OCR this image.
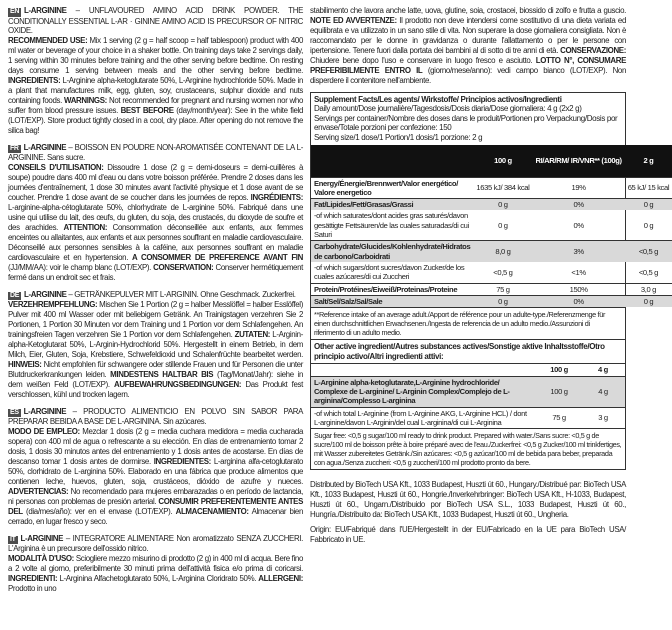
EN L-ARGININE – UNFLAVOURED AMINO ACID DRINK POWDER. THE CONDITIONALLY ESSENTIAL L-AR · GININE AMINO ACID IS PRECURSOR OF NITRIC OXIDE.

RECOMMENDED USE: Mix 1 serving (2 g = half scoop = half tablespoon) product with 400 ml water or beverage of your choice in a shaker bottle. On training days take 2 servings daily, 1 serving within 30 minutes before training and the other serving before bedtime. On resting days consume 1 serving between meals and the other serving before bedtime. INGREDIENTS: L-Arginine alpha-ketoglutarate 50%, L-Arginine hydrochloride 50%. Made in a plant that manufactures milk, egg, gluten, soy, crustaceans, sulphur dioxide and nuts containing foods. WARNINGS: Not recommended for pregnant and nursing women nor who suffer from blood pressure issues. BEST BEFORE (day/month/year): See in the white field (LOT/EXP). Store product tightly closed in a cool, dry place. After opening do not remove the silica bag!

FR L-ARGININE – BOISSON EN POUDRE NON-AROMATISÉE CONTENANT DE LA L-ARGININE. Sans sucre.

CONSEILS D'UTILISATION: Dissoudre 1 dose (2 g = demi-doseurs = demi-cuillères à soupe) poudre dans 400 ml d'eau ou dans votre boisson préférée. Prendre 2 doses dans les journées d'entraînement, 1 dose 30 minutes avant l'activité physique et 1 dose avant de se coucher. Prendre 1 dose avant de se coucher dans les journées de repos. INGRÉDIENTS: L-arginine-alpha-cétoglutarate 50%, chlorhydrate de L-arginine 50%. Fabriqué dans une usine qui utilise du lait, des œufs, du gluten, du soja, des crustacés, du dioxyde de soufre et des arachides. ATTENTION: Consommation déconseillée aux enfants, aux femmes enceintes ou allaitantes, aux enfants et aux personnes souffrant en maladie cardiovasculaire. Déconseillé aux personnes sensibles à la caféine, aux personnes souffrant en maladie cardiovasculaire et en hypertension. A CONSOMMER DE PREFERENCE AVANT FIN (JJ/MM/AA): voir le champ blanc (LOT/EXP). CONSERVATION: Conserver hermétiquement fermé dans un endroit sec et frais.

DE L-ARGININE – GETRÄNKEPULVER MIT L-ARGININ. Ohne Geschmack. Zuckerfrei.

VERZEHREMPFEHLUNG: Mischen Sie 1 Portion (2 g = halber Messlöffel = halber Esslöffel) Pulver mit 400 ml Wasser oder mit beliebigem Getränk. An Trainigstagen verzehren Sie 2 Portionen, 1 Portion 30 Minuten vor dem Training und 1 Portion vor dem Schlafengehen. An trainingsfreien Tagen verzehren Sie 1 Portion vor dem Schlafengehen. ZUTATEN: L-Arginin-alpha-Ketoglutarat 50%, L-Arginin-Hydrochlorid 50%. Hergestellt in einem Betrieb, in dem Milch, Eier, Gluten, Soja, Krebstiere, Schwefeldioxid und Schalenfrüchte bearbeitet werden. HINWEIS: Nicht empfohlen für schwangere oder stillende Frauen und für Personen die unter Blutdruckerkrankungen leiden. MINDESTENS HALTBAR BIS (Tag/Monat/Jahr): siehe in dem weißen Feld (LOT/EXP). AUFBEWAHRUNGSBEDINGUNGEN: Das Produkt fest verschlossen, kühl und trocken lagern.

ES L-ARGININE – PRODUCTO ALIMENTICIO EN POLVO SIN SABOR PARA PREPARAR BEBIDA A BASE DE L-ARGININA. Sin azúcares.

MODO DE EMPLEO: Mezclar 1 dosis (2 g = media cuchara medidora = media cucharada sopera) con 400 ml de agua o refrescante a su elección. En días de entrenamiento tomar 2 dosis, 1 dosis 30 minutos antes del entrenamiento y 1 dosis antes de acostarse. En días de descanso tomar 1 dosis antes de dormirse. INGREDIENTES: L-arginina alfa-cetoglutarato 50%, clorhidrato de L-arginina 50%. Elaborado en una fábrica que produce alimentos que contienen leche, huevos, gluten, soja, crustáceos, dióxido de azufre y nueces. ADVERTENCIAS: No recomendado para mujeres embarazadas o en período de lactancia, ni personas con problemas de presión arterial. CONSUMIR PREFERENTEMENTE ANTES DEL (dia/mes/año): ver en el envase (LOT/EXP). ALMACENAMIENTO: Almacenar bien cerrado, en lugar fresco y seco.

IT L-ARGININE – INTEGRATORE ALIMENTARE Non aromatizzato SENZA ZUCCHERI. L'Arginina è un precursore dell'ossido nitrico.

MODALITÀ D'USO: Sciogliere mezzo misurino di prodotto (2 g) in 400 ml di acqua. Bere fino a 2 volte al giorno, preferibilmente 30 minuti prima dell'attività fisica e/o prima di coricarsi. INGREDIENTI: L-Arginina Alfachetoglutarato 50%, L-Arginina Cloridrato 50%. ALLERGENI: Prodotto in uno

stabilimento che lavora anche latte, uova, glutine, soia, crostacei, biossido di zolfo e frutta a guscio. NOTE ED AVVERTENZE: Il prodotto non deve intendersi come sostitutivo di una dieta variata ed equilibrata e va utilizzato in un sano stile di vita. Non superare la dose giornaliera consigliata. Non è raccomandato per le donne in gravidanza o durante l'allattamento o per le persone con ipertensione. Tenere fuori dalla portata dei bambini al di sotto di tre anni di età. CONSERVAZIONE: Chiudere bene dopo l'uso e conservare in luogo fresco e asciutto. LOTTO N°, CONSUMARE PREFERIBILMENTE ENTRO IL (giorno/mese/anno): vedi campo bianco (LOT/EXP). Non disperdere il contenitore nell'ambiente.

Supplement Facts/Les agents/ Wirkstoffe/ Principios activos/Ingredienti
Daily amount/Dose journalière/Tagesdosis/Dosis diaria/Dose giornaliera: 4 g (2x2 g)
Servings per container/Nombre des doses dans le produit/Portionen pro Verpackung/Dosis por envase/Totale porzioni per confezione: 150
Serving size/1 dose/1 Portion/1 dosis/1 porzione: 2 g
	100 g	RI/AR/RM/ IR/VNR** (100g)	2 g
Energy/Énergie/Brennwert/Valor energético/ Valore energetico	1635 kJ/ 384 kcal	19%	65 kJ/ 15 kcal
Fat/Lipides/Fett/Grasas/Grassi	0 g	0%	0 g
-of which saturates/dont acides gras saturés/davon gesättigte Fettsäuren/de las cuales saturadas/di cui Saturi	0 g	0%	0 g
Carbohydrate/Glucides/Kohlenhydrate/Hidratos de carbono/Carboidrati	8,0 g	3%	<0,5 g
-of which sugars/dont sucres/davon Zucker/de los cuales azúcares/di cui Zuccheri	<0,5 g	<1%	<0,5 g
Protein/Protéines/Eiweiß/Proteinas/Proteine	75 g	150%	3,0 g
Salt/Sel/Salz/Sal/Sale	0 g	0%	0 g
**Reference intake of an average adult./Apport de référence pour un adulte-type./Referenzmenge für einen durchschnittlichen Erwachsenen./Ingesta de referencia de un adulto medio./Assunzioni di riferimento di un adulto medio.
Other active ingredient/Autres substances actives/Sonstige aktive Inhaltsstoffe/Otro principio activo/Altri ingredienti attivi:
	100 g	4 g
L-Arginine alpha-ketoglutarate,L-Arginine hydrochloride/ Complexe de L-arginine/ L-Arginin Complex/Complejo de L-arginina/Complesso L-arginina	100 g	4 g
-of which total L-Arginine (from L-Arginine AKG, L-Arginine HCL) / dont L-arginine/davon L-Arginin/del cual L-arginina/di cui L-Arginina	75 g	3 g
Sugar free: <0,5 g sugar/100 ml ready to drink product. Prepared with water./Sans sucre: <0,5 g de sucre/100 ml de boisson prête à boire préparé avec de l'eau./Zuckerfrei: <0,5 g Zucker/100 ml trinkfertiges, mit Wasser zubereitetes Getränk./Sin azúcares: <0,5 g azúcar/100 ml de bebida para beber, preparada con agua./Senza zuccheri: <0,5 g zuccheri/100 ml prodotto pronto da bere.

Distributed by BioTech USA Kft., 1033 Budapest, Huszti út 60., Hungary./Distribué par: BioTech USA Kft., 1033 Budapest, Huszti út 60., Hongrie./Inverkehrbringer: BioTech USA Kft., H-1033, Budapest, Huszti út 60., Ungarn./Distribuido por BioTech USA S.L., 1033 Budapest, Huszti út 60., Hungría./Distribuito da: BioTech USA Kft., 1033 Budapest, Huszti út 60., Ungheria.

Origin: EU/Fabriqué dans l'UE/Hergestellt in der EU/Fabricado en la UE para BioTech USA/ Fabbricato in UE.
